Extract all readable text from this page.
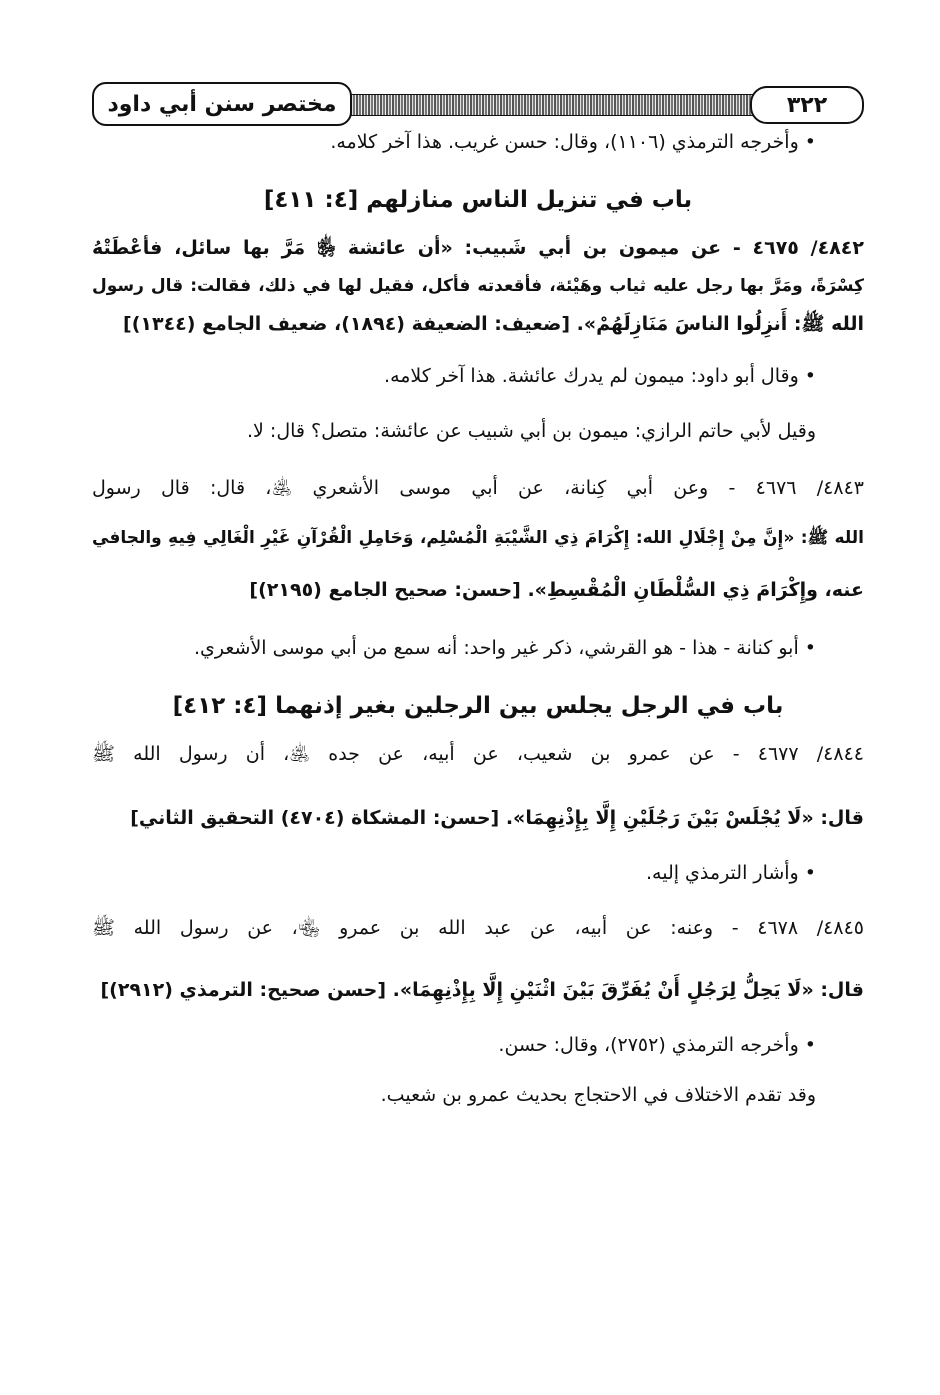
مختصر سنن أبي داود	٣٢٢
• وأخرجه الترمذي (١١٠٦)، وقال: حسن غريب. هذا آخر كلامه.
باب في تنزيل الناس منازلهم [٤: ٤١١]
٤٨٤٢/ ٤٦٧٥ - عن ميمون بن أبي شَبيب: «أن عائشة ﵂ مَرَّ بها سائل، فأعْطَتْهُ
كِسْرَةً، ومَرَّ بها رجل عليه ثياب وهَيْئة، فأقعدته فأكل، فقيل لها في ذلك، فقالت: قال رسول
الله ﷺ: أَنزِلُوا الناسَ مَنَازِلَهُمْ». [ضعيف: الضعيفة (١٨٩٤)، ضعيف الجامع (١٣٤٤)]
• وقال أبو داود: ميمون لم يدرك عائشة. هذا آخر كلامه.
وقيل لأبي حاتم الرازي: ميمون بن أبي شبيب عن عائشة: متصل؟ قال: لا.
٤٨٤٣/ ٤٦٧٦ - وعن أبي كِنانة، عن أبي موسى الأشعري ﵁، قال: قال رسول
الله ﷺ: «إِنَّ مِنْ إِجْلَالِ الله: إِكْرَامَ ذِي الشَّيْبَةِ الْمُسْلِم، وَحَامِلِ الْقُرْآنِ غَيْرِ الْغَالِي فِيهِ والجافي
عنه، وإِكْرَامَ ذِي السُّلْطَانِ الْمُقْسِطِ». [حسن: صحيح الجامع (٢١٩٥)]
• أبو كنانة - هذا - هو القرشي، ذكر غير واحد: أنه سمع من أبي موسى الأشعري.
باب في الرجل يجلس بين الرجلين بغير إذنهما [٤: ٤١٢]
٤٨٤٤/ ٤٦٧٧ - عن عمرو بن شعيب، عن أبيه، عن جده ﵁، أن رسول الله ﷺ
قال: «لَا يُجْلَسْ بَيْنَ رَجُلَيْنِ إِلَّا بِإِذْنِهِمَا». [حسن: المشكاة (٤٧٠٤) التحقيق الثاني]
• وأشار الترمذي إليه.
٤٨٤٥/ ٤٦٧٨ - وعنه: عن أبيه، عن عبد الله بن عمرو ﵄، عن رسول الله ﷺ
قال: «لَا يَحِلُّ لِرَجُلٍ أَنْ يُفَرِّقَ بَيْنَ اثْنَيْنِ إِلَّا بِإِذْنِهِمَا». [حسن صحيح: الترمذي (٢٩١٢)]
• وأخرجه الترمذي (٢٧٥٢)، وقال: حسن.
وقد تقدم الاختلاف في الاحتجاج بحديث عمرو بن شعيب.
